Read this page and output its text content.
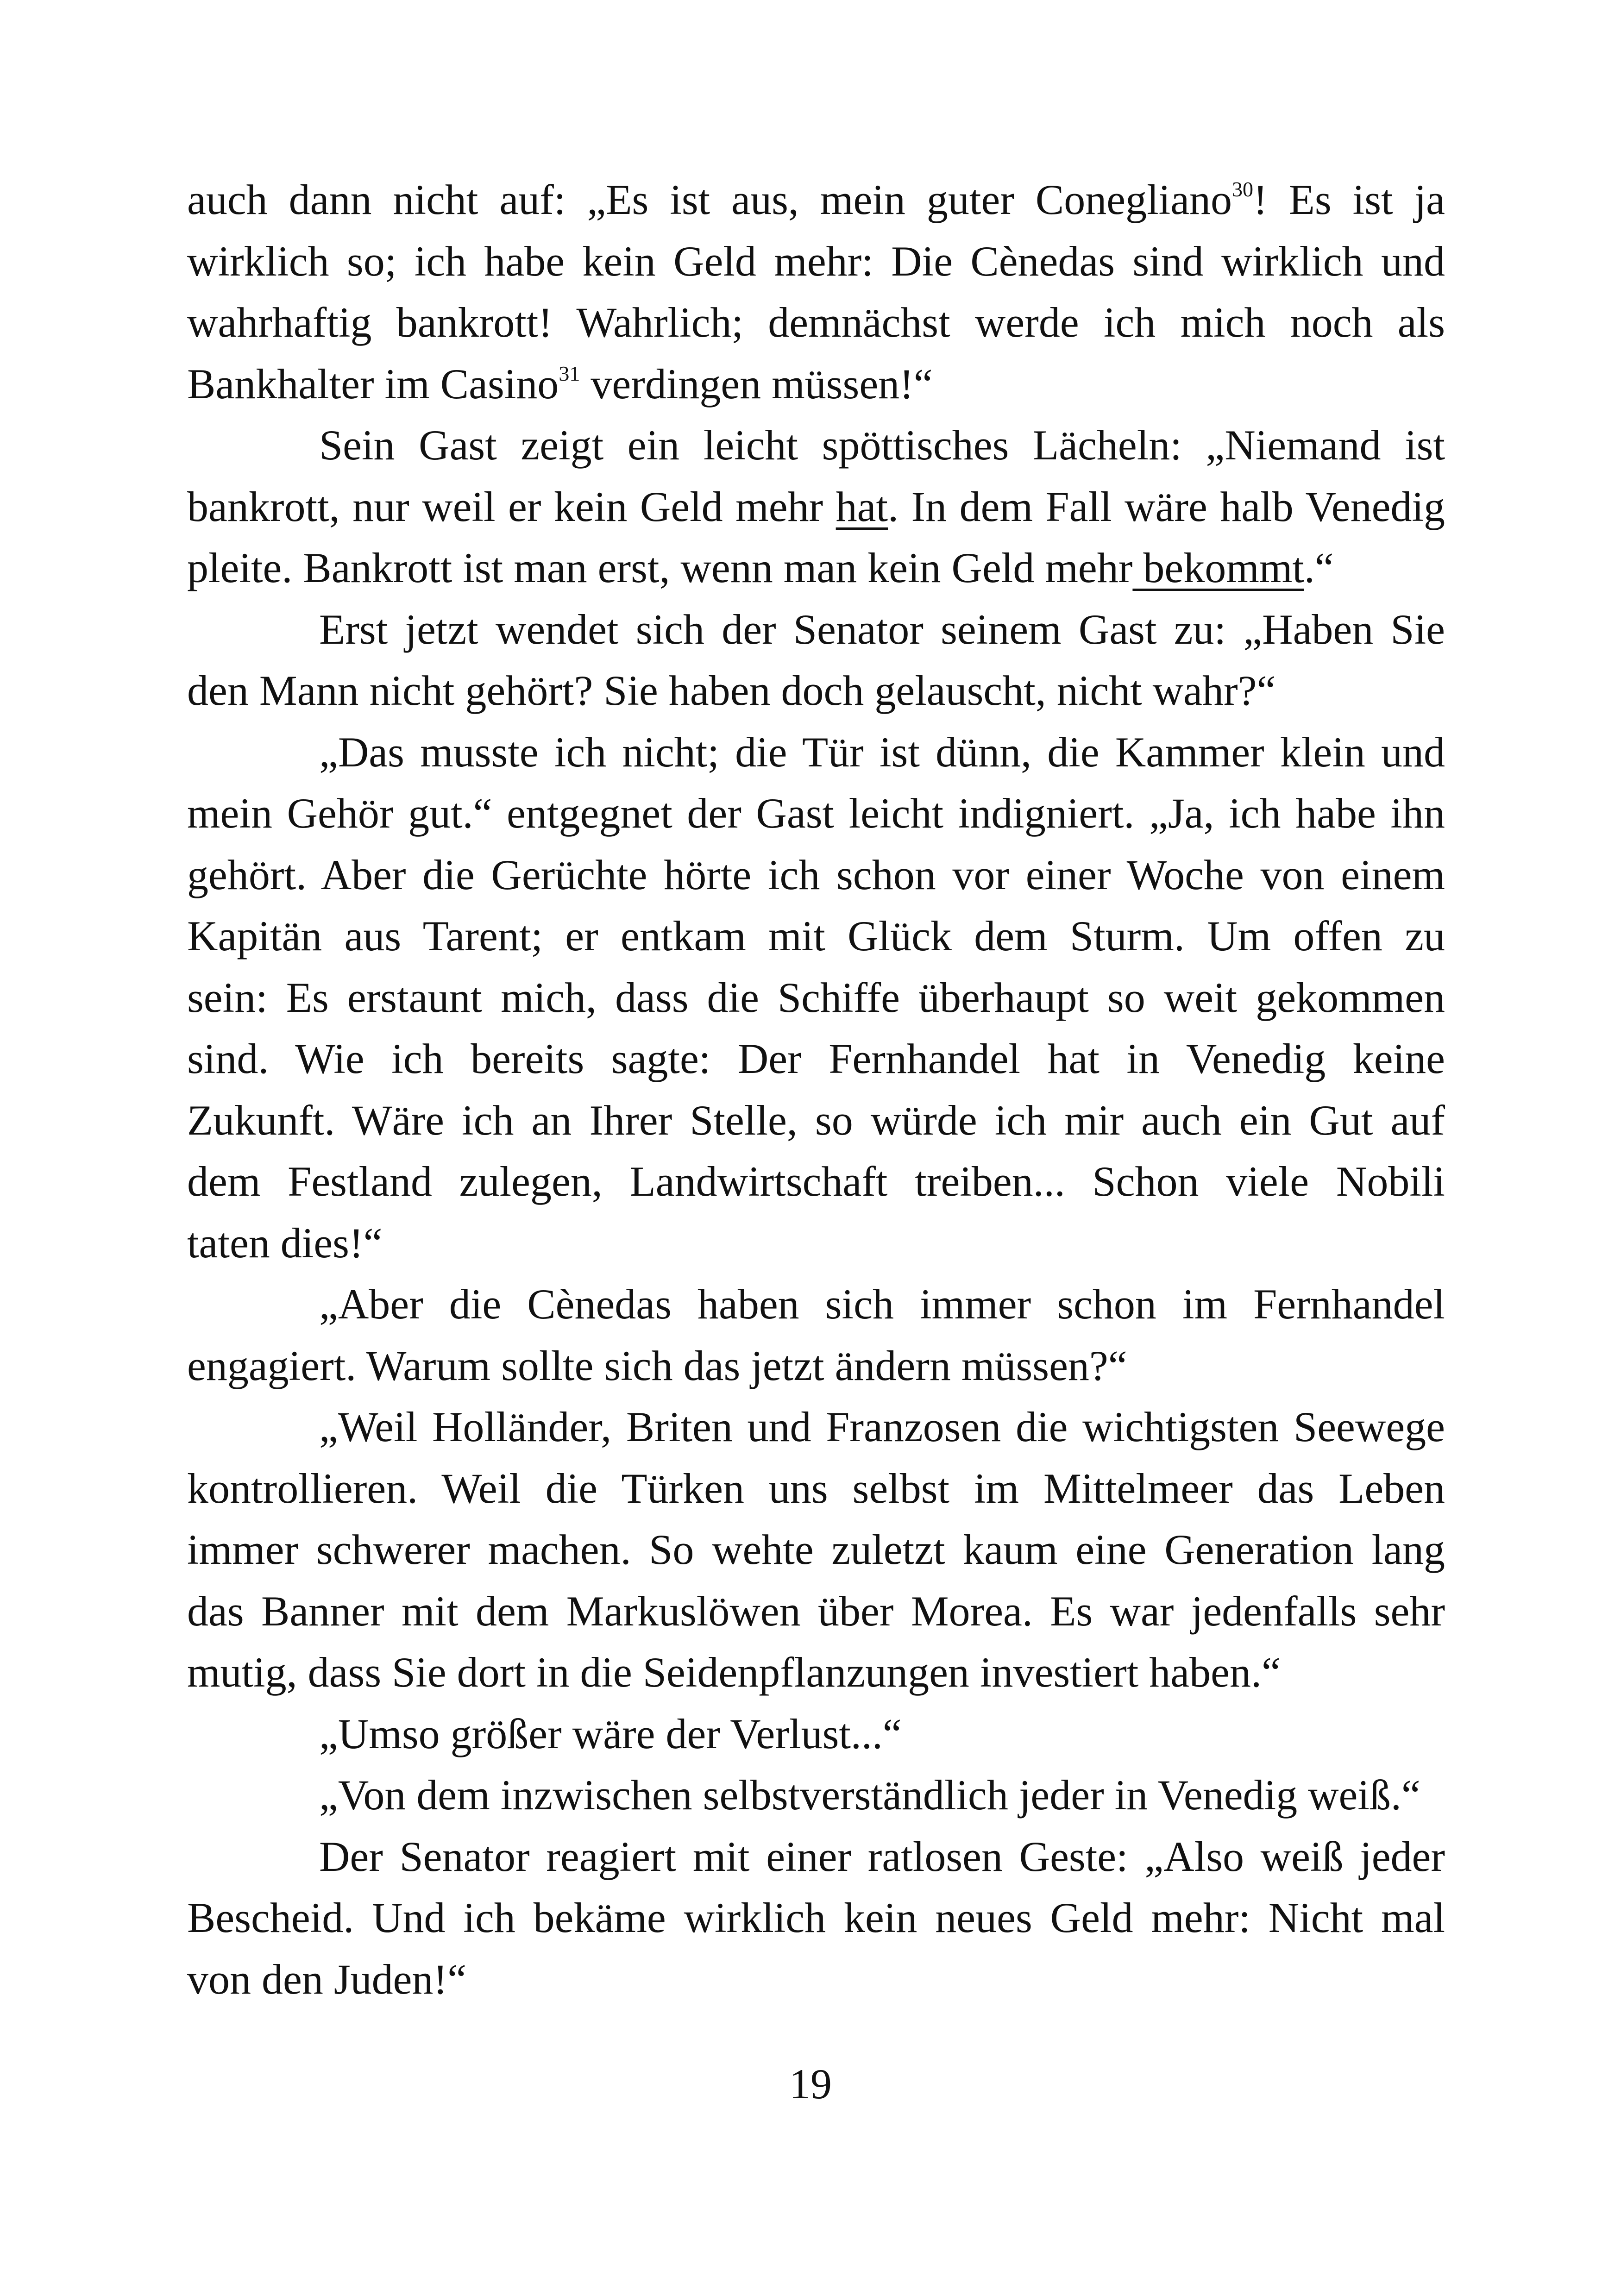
auch dann nicht auf: „Es ist aus, mein guter Conegliano$^{30}$! Es ist ja
wirklich so; ich habe kein Geld mehr: Die Cènedas sind wirklich und
wahrhaftig bankrott! Wahrlich; demnächst werde ich mich noch als
Bankhalter im Casino$^{31}$ verdingen müssen!“
Sein Gast zeigt ein leicht spöttisches Lächeln: „Niemand ist
bankrott, nur weil er kein Geld mehr hat. In dem Fall wäre halb Venedig
pleite. Bankrott ist man erst, wenn man kein Geld mehr bekommt.“
Erst jetzt wendet sich der Senator seinem Gast zu: „Haben Sie
den Mann nicht gehört? Sie haben doch gelauscht, nicht wahr?“
„Das musste ich nicht; die Tür ist dünn, die Kammer klein und
mein Gehör gut.“ entgegnet der Gast leicht indigniert. „Ja, ich habe ihn
gehört. Aber die Gerüchte hörte ich schon vor einer Woche von einem
Kapitän aus Tarent; er entkam mit Glück dem Sturm. Um offen zu
sein: Es erstaunt mich, dass die Schiffe überhaupt so weit gekommen
sind. Wie ich bereits sagte: Der Fernhandel hat in Venedig keine
Zukunft. Wäre ich an Ihrer Stelle, so würde ich mir auch ein Gut auf
dem Festland zulegen, Landwirtschaft treiben... Schon viele Nobili
taten dies!“
„Aber die Cènedas haben sich immer schon im Fernhandel
engagiert. Warum sollte sich das jetzt ändern müssen?“
„Weil Holländer, Briten und Franzosen die wichtigsten Seewege
kontrollieren. Weil die Türken uns selbst im Mittelmeer das Leben
immer schwerer machen. So wehte zuletzt kaum eine Generation lang
das Banner mit dem Markuslöwen über Morea. Es war jedenfalls sehr
mutig, dass Sie dort in die Seidenpflanzungen investiert haben.“
„Umso größer wäre der Verlust...“
„Von dem inzwischen selbstverständlich jeder in Venedig weiß.“
Der Senator reagiert mit einer ratlosen Geste: „Also weiß jeder
Bescheid. Und ich bekäme wirklich kein neues Geld mehr: Nicht mal
von den Juden!“
19
